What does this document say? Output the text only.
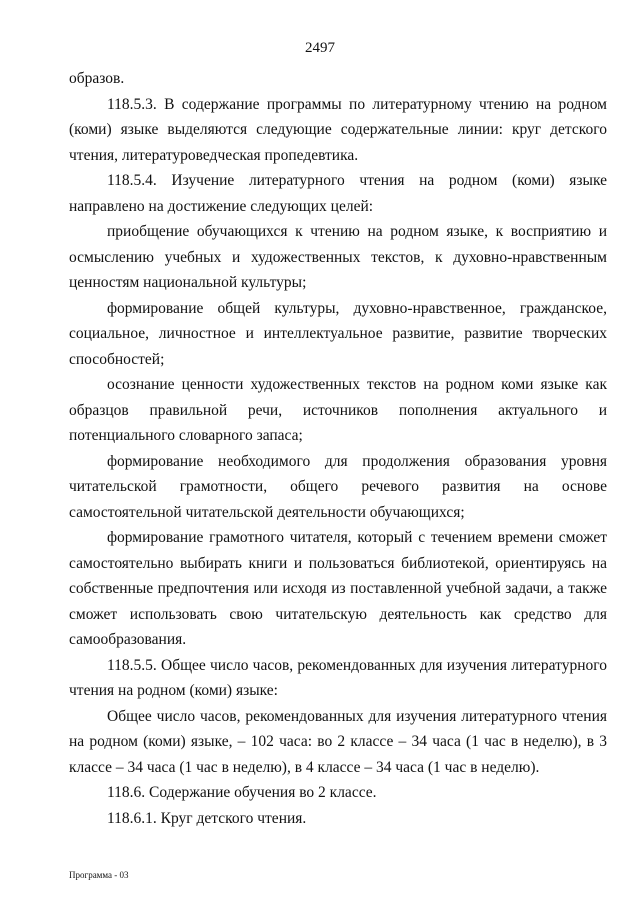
2497

образов.

118.5.3. В содержание программы по литературному чтению на родном (коми) языке выделяются следующие содержательные линии: круг детского чтения, литературоведческая пропедевтика.

118.5.4. Изучение литературного чтения на родном (коми) языке направлено на достижение следующих целей:

приобщение обучающихся к чтению на родном языке, к восприятию и осмыслению учебных и художественных текстов, к духовно-нравственным ценностям национальной культуры;

формирование общей культуры, духовно-нравственное, гражданское, социальное, личностное и интеллектуальное развитие, развитие творческих способностей;

осознание ценности художественных текстов на родном коми языке как образцов правильной речи, источников пополнения актуального и потенциального словарного запаса;

формирование необходимого для продолжения образования уровня читательской грамотности, общего речевого развития на основе самостоятельной читательской деятельности обучающихся;

формирование грамотного читателя, который с течением времени сможет самостоятельно выбирать книги и пользоваться библиотекой, ориентируясь на собственные предпочтения или исходя из поставленной учебной задачи, а также сможет использовать свою читательскую деятельность как средство для самообразования.

118.5.5. Общее число часов, рекомендованных для изучения литературного чтения на родном (коми) языке:

Общее число часов, рекомендованных для изучения литературного чтения на родном (коми) языке, – 102 часа: во 2 классе – 34 часа (1 час в неделю), в 3 классе – 34 часа (1 час в неделю), в 4 классе – 34 часа (1 час в неделю).

118.6. Содержание обучения во 2 классе.

118.6.1. Круг детского чтения.

Программа - 03
